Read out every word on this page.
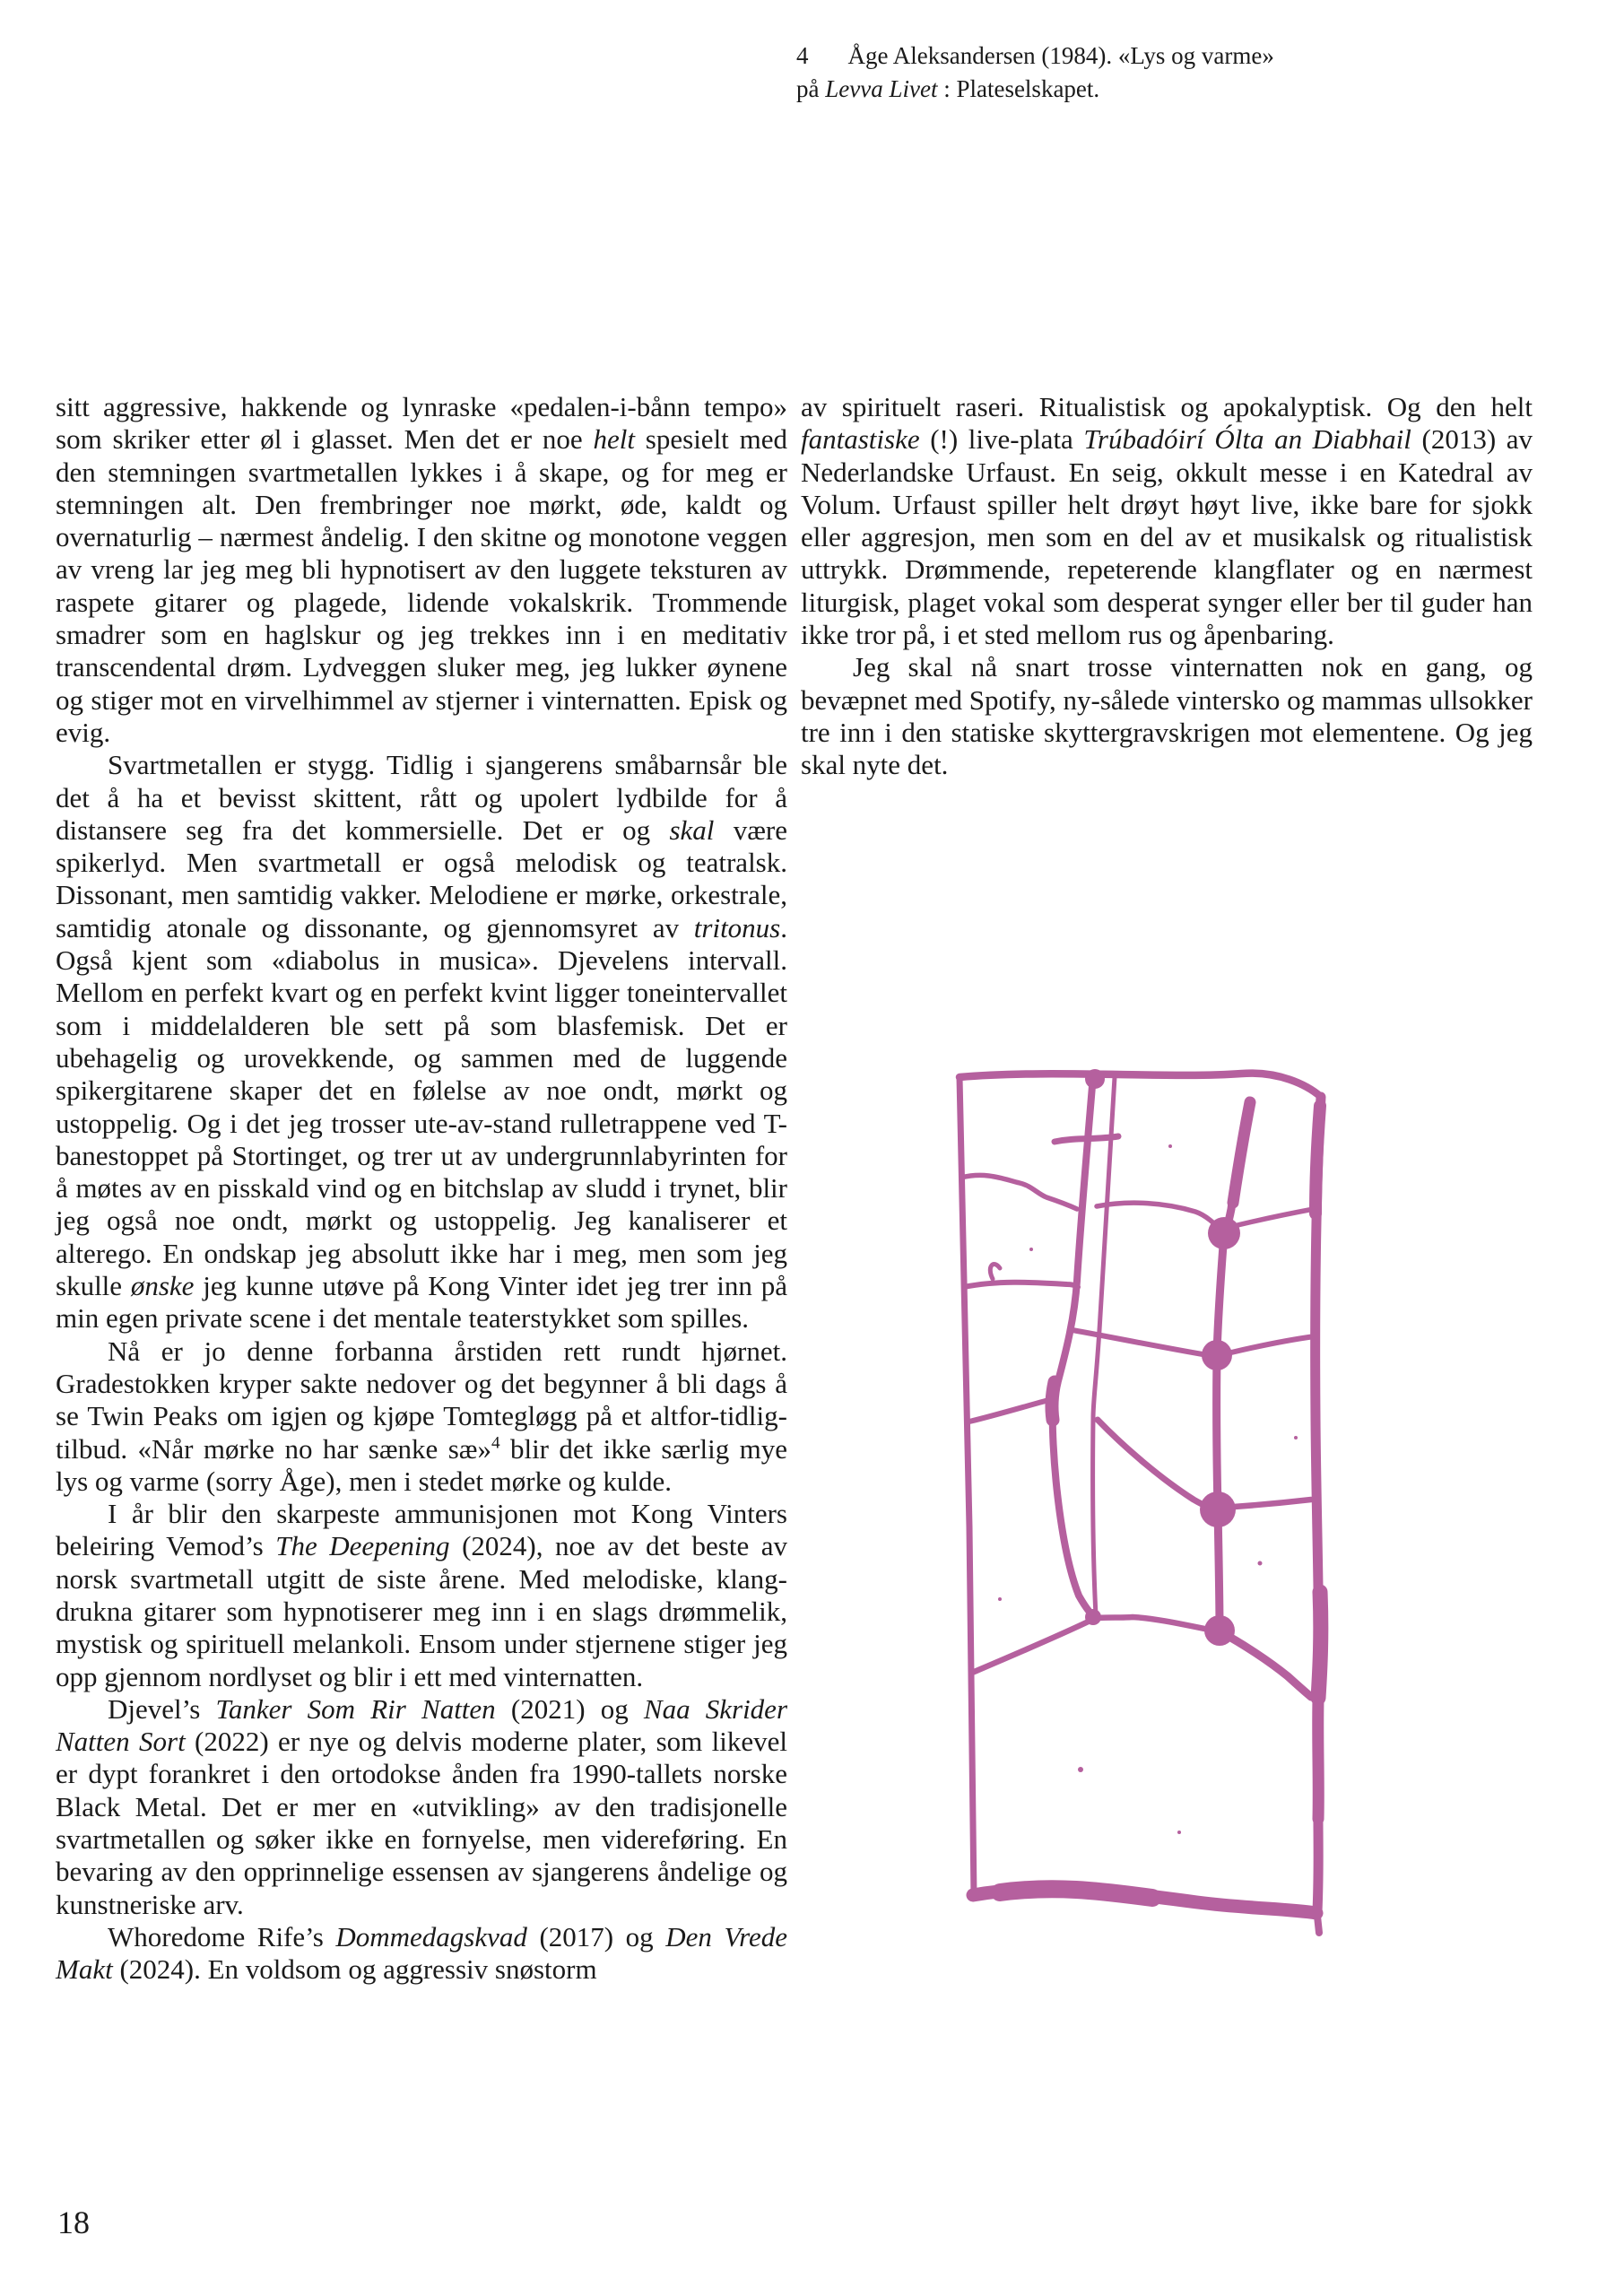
4 Åge Aleksandersen (1984). «Lys og varme»
på Levva Livet : Plateselskapet.

sitt aggressive, hakkende og lynraske «pedalen-i-bånn tempo» som skriker etter øl i glasset. Men det er noe helt spesielt med den stemningen svartmetallen lykkes i å skape, og for meg er stemningen alt. Den frembringer noe mørkt, øde, kaldt og overnaturlig – nærmest åndelig. I den skitne og monotone veggen av vreng lar jeg meg bli hypnotisert av den luggete teksturen av raspete gitarer og plagede, lidende vokalskrik. Trommende smadrer som en haglskur og jeg trekkes inn i en meditativ transcendental drøm. Lydveggen sluker meg, jeg lukker øynene og stiger mot en virvelhimmel av stjerner i vinternatten. Episk og evig.

Svartmetallen er stygg. Tidlig i sjangerens småbarnsår ble det å ha et bevisst skittent, rått og upolert lydbilde for å distansere seg fra det kommersielle. Det er og skal være spikerlyd. Men svartmetall er også melodisk og teatralsk. Dissonant, men samtidig vakker. Melodiene er mørke, orkestrale, samtidig atonale og dissonante, og gjennomsyret av tritonus. Også kjent som «diabolus in musica». Djevelens intervall. Mellom en perfekt kvart og en perfekt kvint ligger toneintervallet som i middelalderen ble sett på som blasfemisk. Det er ubehagelig og urovekkende, og sammen med de luggende spikergitarene skaper det en følelse av noe ondt, mørkt og ustoppelig. Og i det jeg trosser ute-av-stand rulletrappene ved T-banestoppet på Stortinget, og trer ut av undergrunnlabyrinten for å møtes av en pisskald vind og en bitchslap av sludd i trynet, blir jeg også noe ondt, mørkt og ustoppelig. Jeg kanaliserer et alterego. En ondskap jeg absolutt ikke har i meg, men som jeg skulle ønske jeg kunne utøve på Kong Vinter idet jeg trer inn på min egen private scene i det mentale teaterstykket som spilles.

Nå er jo denne forbanna årstiden rett rundt hjørnet. Gradestokken kryper sakte nedover og det begynner å bli dags å se Twin Peaks om igjen og kjøpe Tomtegløgg på et altfor-tidlig-tilbud. «Når mørke no har sænke sæ»$^4$ blir det ikke særlig mye lys og varme (sorry Åge), men i stedet mørke og kulde.

I år blir den skarpeste ammunisjonen mot Kong Vinters beleiring Vemod’s The Deepening (2024), noe av det beste av norsk svartmetall utgitt de siste årene. Med melodiske, klang-drukna gitarer som hypnotiserer meg inn i en slags drømmelik, mystisk og spirituell melankoli. Ensom under stjernene stiger jeg opp gjennom nordlyset og blir i ett med vinternatten.

Djevel’s Tanker Som Rir Natten (2021) og Naa Skrider Natten Sort (2022) er nye og delvis moderne plater, som likevel er dypt forankret i den ortodokse ånden fra 1990-tallets norske Black Metal. Det er mer en «utvikling» av den tradisjonelle svartmetallen og søker ikke en fornyelse, men videreføring. En bevaring av den opprinnelige essensen av sjangerens åndelige og kunstneriske arv.

Whoredome Rife’s Dommedagskvad (2017) og Den Vrede Makt (2024). En voldsom og aggressiv snøstorm

av spirituelt raseri. Ritualistisk og apokalyptisk. Og den helt fantastiske (!) live-plata Trúbadóirí Ólta an Diabhail (2013) av Nederlandske Urfaust. En seig, okkult messe i en Katedral av Volum. Urfaust spiller helt drøyt høyt live, ikke bare for sjokk eller aggresjon, men som en del av et musikalsk og ritualistisk uttrykk. Drømmende, repeterende klangflater og en nærmest liturgisk, plaget vokal som desperat synger eller ber til guder han ikke tror på, i et sted mellom rus og åpenbaring.

Jeg skal nå snart trosse vinternatten nok en gang, og bevæpnet med Spotify, ny-sålede vintersko og mammas ullsokker tre inn i den statiske skyttergravskrigen mot elementene. Og jeg skal nyte det.

18
